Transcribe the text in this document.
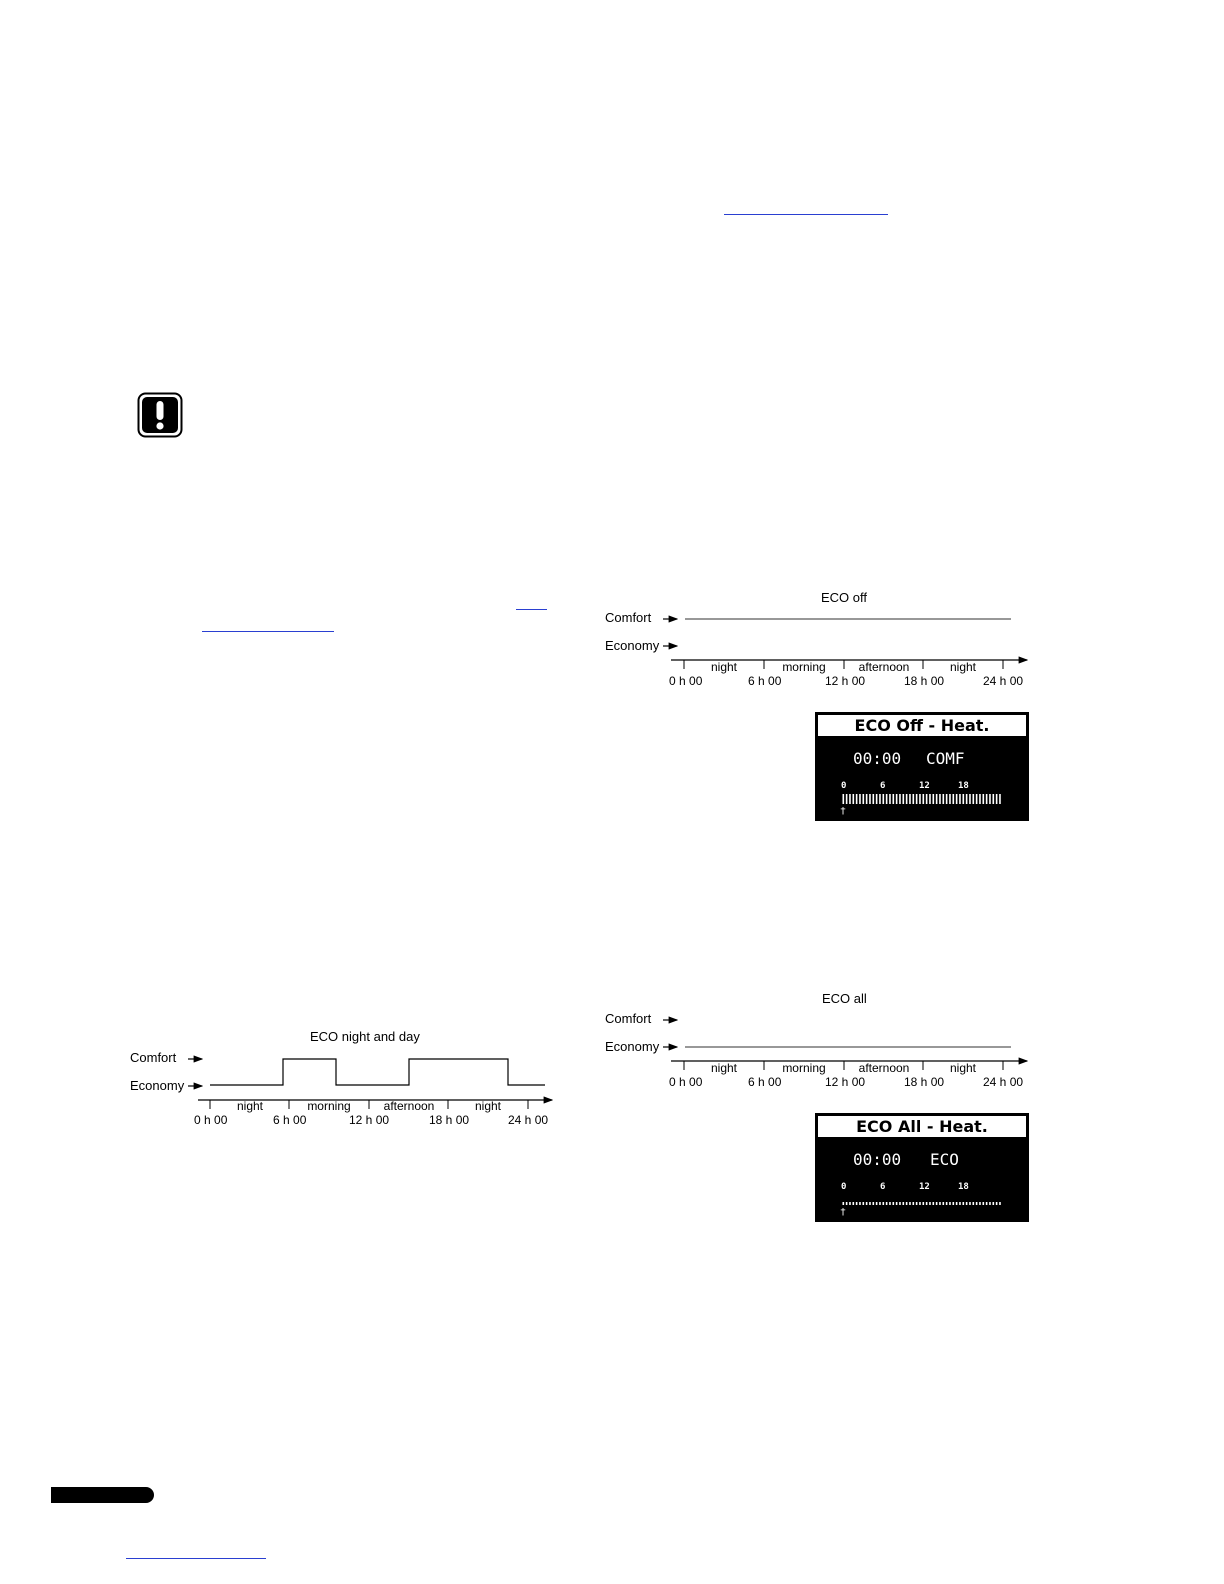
ECO night and day
Comfort
Economy
night	morning	afternoon	night
0 h 00	6 h 00	12 h 00	18 h 00	24 h 00
ECO off
Comfort
Economy
night	morning	afternoon	night
0 h 00	6 h 00	12 h 00	18 h 00	24 h 00
ECO Off - Heat.
00:00 COMF
0	6	12	18
†
ECO all
Comfort
Economy
night	morning	afternoon	night
0 h 00	6 h 00	12 h 00	18 h 00	24 h 00
ECO All - Heat.
00:00 ECO
0	6	12	18
†
